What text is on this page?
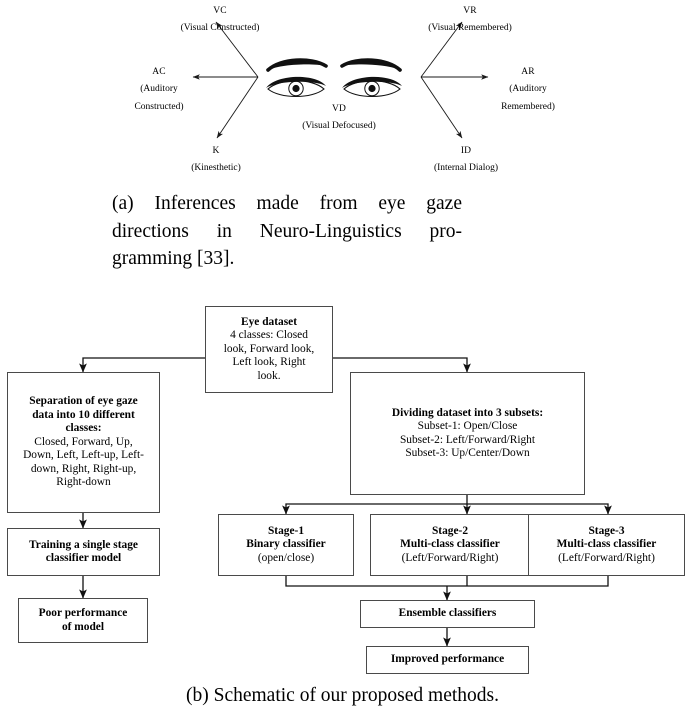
VC
(Visual Constructed)
VR
(Visual Remembered)
AC
(Auditory
Constructed)
AR
(Auditory
Remembered)
K
(Kinesthetic)
ID
(Internal Dialog)
VD
(Visual Defocused)
(a) Inferences made from eye gaze
directions in Neuro-Linguistics pro-
gramming [33].
Eye dataset
4 classes: Closed
look, Forward look,
Left look, Right
look.
Separation of eye gaze
data into 10 different
classes:
Closed, Forward, Up,
Down, Left, Left-up, Left-
down, Right, Right-up,
Right-down
Dividing dataset into 3 subsets:
Subset-1: Open/Close
Subset-2: Left/Forward/Right
Subset-3: Up/Center/Down
Training a single stage
classifier model
Poor performance
of model
Stage-1
Binary classifier
(open/close)
Stage-2
Multi-class classifier
(Left/Forward/Right)
Stage-3
Multi-class classifier
(Left/Forward/Right)
Ensemble classifiers
Improved performance
(b) Schematic of our proposed methods.
